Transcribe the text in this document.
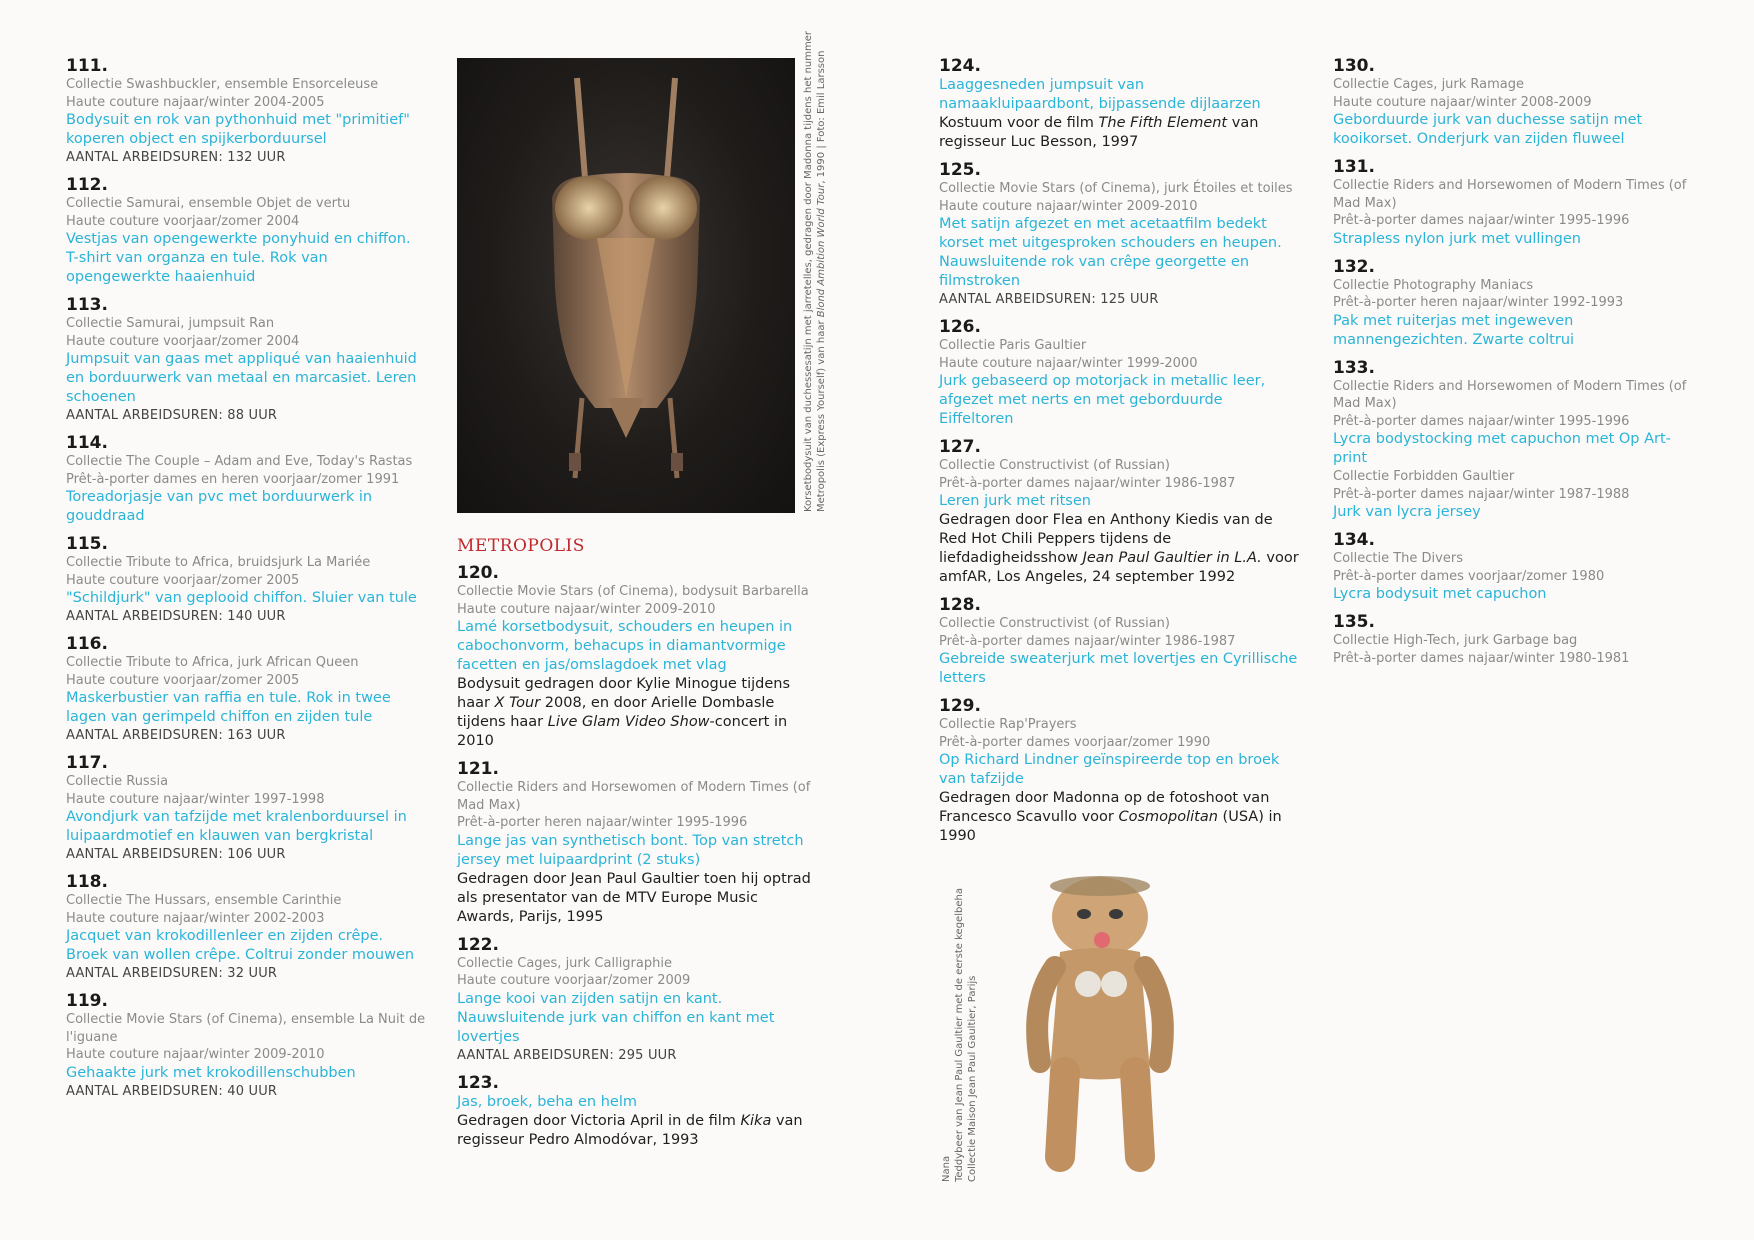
111.
Collectie Swashbuckler, ensemble Ensorceleuse
Haute couture najaar/winter 2004-2005
Bodysuit en rok van pythonhuid met "primitief" koperen object en spijkerborduursel
AANTAL ARBEIDSUREN: 132 UUR
112.
Collectie Samurai, ensemble Objet de vertu
Haute couture voorjaar/zomer 2004
Vestjas van opengewerkte ponyhuid en chiffon. T-shirt van organza en tule. Rok van opengewerkte haaienhuid
113.
Collectie Samurai, jumpsuit Ran
Haute couture voorjaar/zomer 2004
Jumpsuit van gaas met appliqué van haaienhuid en borduurwerk van metaal en marcasiet. Leren schoenen
AANTAL ARBEIDSUREN: 88 UUR
114.
Collectie The Couple – Adam and Eve, Today's Rastas
Prêt-à-porter dames en heren voorjaar/zomer 1991
Toreadorjasje van pvc met borduurwerk in gouddraad
115.
Collectie Tribute to Africa, bruidsjurk La Mariée
Haute couture voorjaar/zomer 2005
"Schildjurk" van geplooid chiffon. Sluier van tule
AANTAL ARBEIDSUREN: 140 UUR
116.
Collectie Tribute to Africa, jurk African Queen
Haute couture voorjaar/zomer 2005
Maskerbustier van raffia en tule. Rok in twee lagen van gerimpeld chiffon en zijden tule
AANTAL ARBEIDSUREN: 163 UUR
117.
Collectie Russia
Haute couture najaar/winter 1997-1998
Avondjurk van tafzijde met kralenborduursel in luipaardmotief en klauwen van bergkristal
AANTAL ARBEIDSUREN: 106 UUR
118.
Collectie The Hussars, ensemble Carinthie
Haute couture najaar/winter 2002-2003
Jacquet van krokodillenleer en zijden crêpe. Broek van wollen crêpe. Coltrui zonder mouwen
AANTAL ARBEIDSUREN: 32 UUR
119.
Collectie Movie Stars (of Cinema), ensemble La Nuit de l'iguane
Haute couture najaar/winter 2009-2010
Gehaakte jurk met krokodillenschubben
AANTAL ARBEIDSUREN: 40 UUR
Korsetbodysuit van duchessesatijn met jarretelles, gedragen door Madonna tijdens het nummer Metropolis (Express Yourself) van haar Blond Ambition World Tour, 1990 | Foto: Emil Larsson
METROPOLIS
120.
Collectie Movie Stars (of Cinema), bodysuit Barbarella
Haute couture najaar/winter 2009-2010
Lamé korsetbodysuit, schouders en heupen in cabochonvorm, behacups in diamantvormige facetten en jas/omslagdoek met vlag
Bodysuit gedragen door Kylie Minogue tijdens haar X Tour 2008, en door Arielle Dombasle tijdens haar Live Glam Video Show-concert in 2010
121.
Collectie Riders and Horsewomen of Modern Times (of Mad Max)
Prêt-à-porter heren najaar/winter 1995-1996
Lange jas van synthetisch bont. Top van stretch jersey met luipaardprint (2 stuks)
Gedragen door Jean Paul Gaultier toen hij optrad als presentator van de MTV Europe Music Awards, Parijs, 1995
122.
Collectie Cages, jurk Calligraphie
Haute couture voorjaar/zomer 2009
Lange kooi van zijden satijn en kant. Nauwsluitende jurk van chiffon en kant met lovertjes
AANTAL ARBEIDSUREN: 295 UUR
123.
Jas, broek, beha en helm
Gedragen door Victoria April in de film Kika van regisseur Pedro Almodóvar, 1993
124.
Laaggesneden jumpsuit van namaakluipaardbont, bijpassende dijlaarzen
Kostuum voor de film The Fifth Element van regisseur Luc Besson, 1997
125.
Collectie Movie Stars (of Cinema), jurk Étoiles et toiles
Haute couture najaar/winter 2009-2010
Met satijn afgezet en met acetaatfilm bedekt korset met uitgesproken schouders en heupen. Nauwsluitende rok van crêpe georgette en filmstroken
AANTAL ARBEIDSUREN: 125 UUR
126.
Collectie Paris Gaultier
Haute couture najaar/winter 1999-2000
Jurk gebaseerd op motorjack in metallic leer, afgezet met nerts en met geborduurde Eiffeltoren
127.
Collectie Constructivist (of Russian)
Prêt-à-porter dames najaar/winter 1986-1987
Leren jurk met ritsen
Gedragen door Flea en Anthony Kiedis van de Red Hot Chili Peppers tijdens de liefdadigheidsshow Jean Paul Gaultier in L.A. voor amfAR, Los Angeles, 24 september 1992
128.
Collectie Constructivist (of Russian)
Prêt-à-porter dames najaar/winter 1986-1987
Gebreide sweaterjurk met lovertjes en Cyrillische letters
129.
Collectie Rap'Prayers
Prêt-à-porter dames voorjaar/zomer 1990
Op Richard Lindner geïnspireerde top en broek van tafzijde
Gedragen door Madonna op de fotoshoot van Francesco Scavullo voor Cosmopolitan (USA) in 1990
Nana Teddybeer van Jean Paul Gaultier met de eerste kegelbeha Collectie Maison Jean Paul Gaultier, Parijs
130.
Collectie Cages, jurk Ramage
Haute couture najaar/winter 2008-2009
Geborduurde jurk van duchesse satijn met kooikorset. Onderjurk van zijden fluweel
131.
Collectie Riders and Horsewomen of Modern Times (of Mad Max)
Prêt-à-porter dames najaar/winter 1995-1996
Strapless nylon jurk met vullingen
132.
Collectie Photography Maniacs
Prêt-à-porter heren najaar/winter 1992-1993
Pak met ruiterjas met ingeweven mannengezichten. Zwarte coltrui
133.
Collectie Riders and Horsewomen of Modern Times (of Mad Max)
Prêt-à-porter dames najaar/winter 1995-1996
Lycra bodystocking met capuchon met Op Art-print
Collectie Forbidden Gaultier
Prêt-à-porter dames najaar/winter 1987-1988
Jurk van lycra jersey
134.
Collectie The Divers
Prêt-à-porter dames voorjaar/zomer 1980
Lycra bodysuit met capuchon
135.
Collectie High-Tech, jurk Garbage bag
Prêt-à-porter dames najaar/winter 1980-1981
